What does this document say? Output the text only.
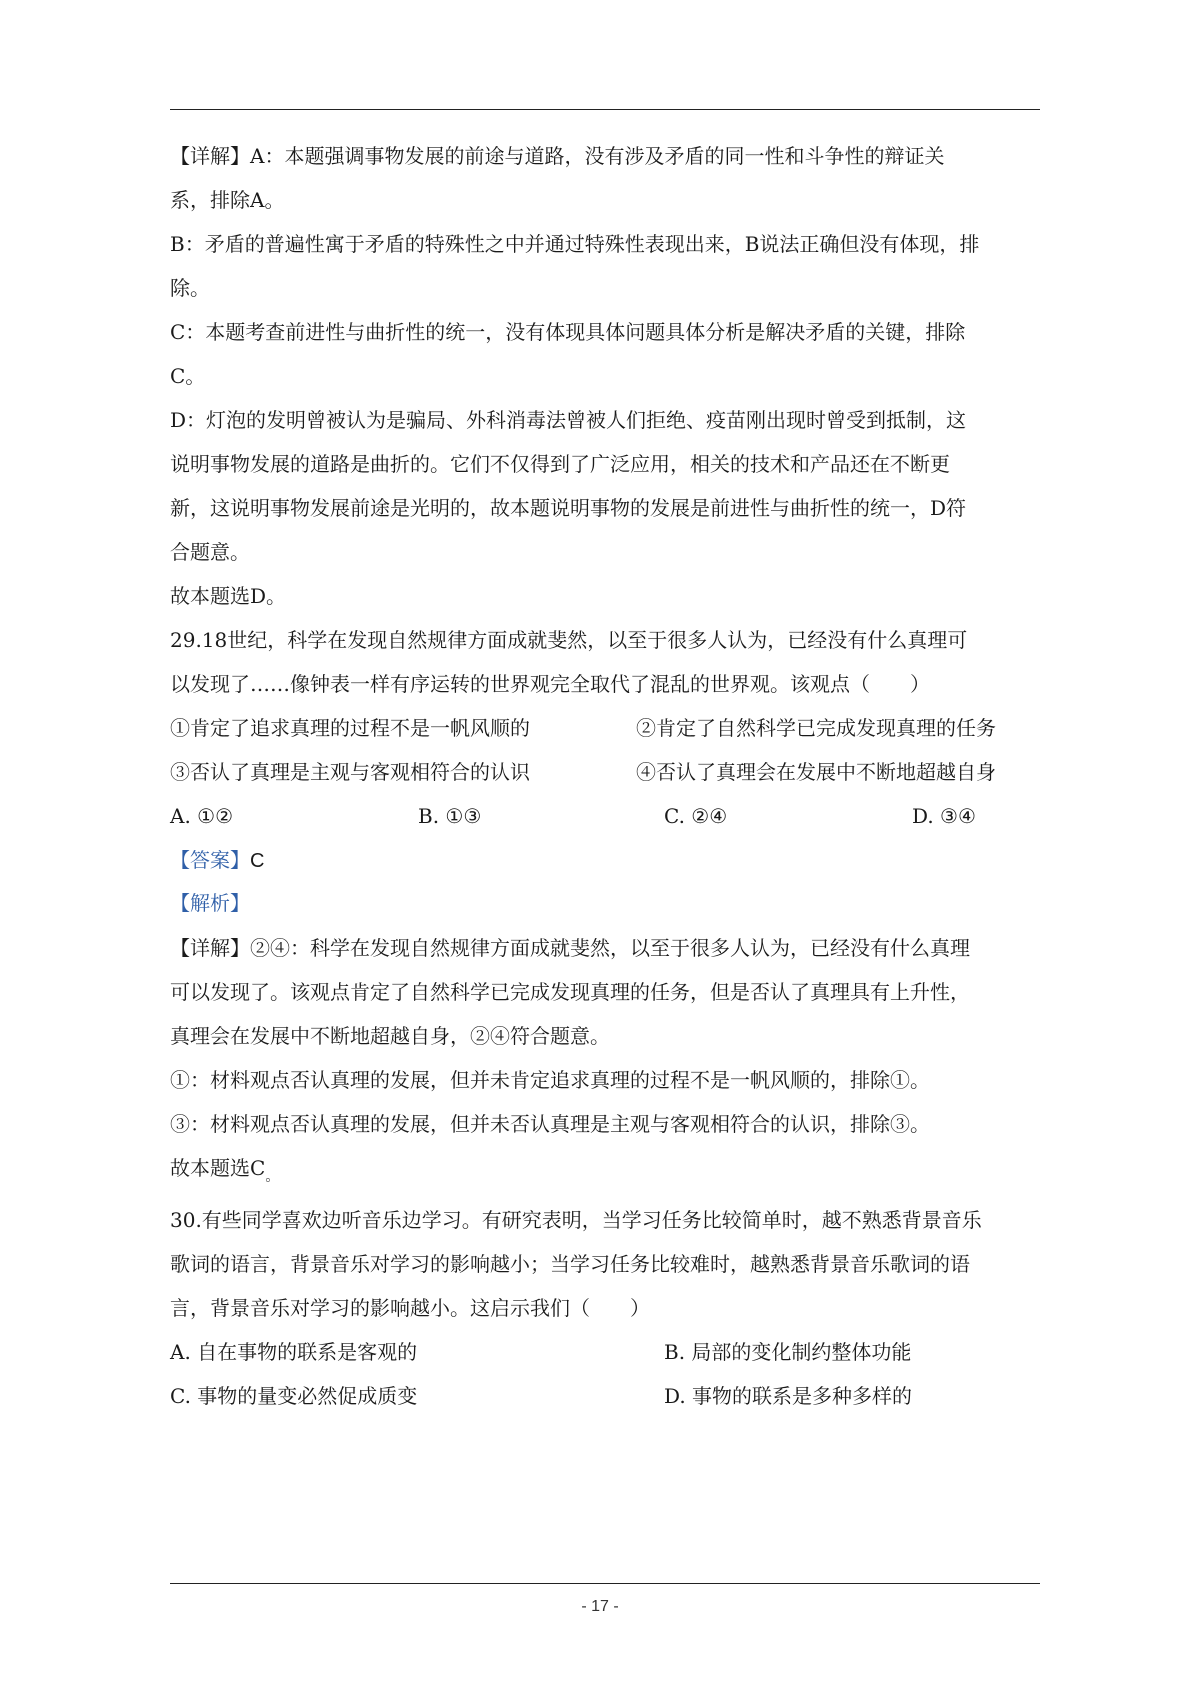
【详解】A：本题强调事物发展的前途与道路，没有涉及矛盾的同一性和斗争性的辩证关
系，排除A。
B：矛盾的普遍性寓于矛盾的特殊性之中并通过特殊性表现出来，B说法正确但没有体现，排
除。
C：本题考查前进性与曲折性的统一，没有体现具体问题具体分析是解决矛盾的关键，排除
C。
D：灯泡的发明曾被认为是骗局、外科消毒法曾被人们拒绝、疫苗刚出现时曾受到抵制，这
说明事物发展的道路是曲折的。它们不仅得到了广泛应用，相关的技术和产品还在不断更
新，这说明事物发展前途是光明的，故本题说明事物的发展是前进性与曲折性的统一，D符
合题意。
故本题选D。
29.18世纪，科学在发现自然规律方面成就斐然，以至于很多人认为，已经没有什么真理可
以发现了……像钟表一样有序运转的世界观完全取代了混乱的世界观。该观点（　　）
①肯定了追求真理的过程不是一帆风顺的	②肯定了自然科学已完成发现真理的任务
③否认了真理是主观与客观相符合的认识	④否认了真理会在发展中不断地超越自身
A. ①②	B. ①③	C. ②④	D. ③④
【答案】C
【解析】
【详解】②④：科学在发现自然规律方面成就斐然，以至于很多人认为，已经没有什么真理
可以发现了。该观点肯定了自然科学已完成发现真理的任务，但是否认了真理具有上升性，
真理会在发展中不断地超越自身，②④符合题意。
①：材料观点否认真理的发展，但并未肯定追求真理的过程不是一帆风顺的，排除①。
③：材料观点否认真理的发展，但并未否认真理是主观与客观相符合的认识，排除③。
故本题选$C_。$
30.有些同学喜欢边听音乐边学习。有研究表明，当学习任务比较简单时，越不熟悉背景音乐
歌词的语言，背景音乐对学习的影响越小；当学习任务比较难时，越熟悉背景音乐歌词的语
言，背景音乐对学习的影响越小。这启示我们（　　）
A. 自在事物的联系是客观的	B. 局部的变化制约整体功能
C. 事物的量变必然促成质变	D. 事物的联系是多种多样的
- 17 -
